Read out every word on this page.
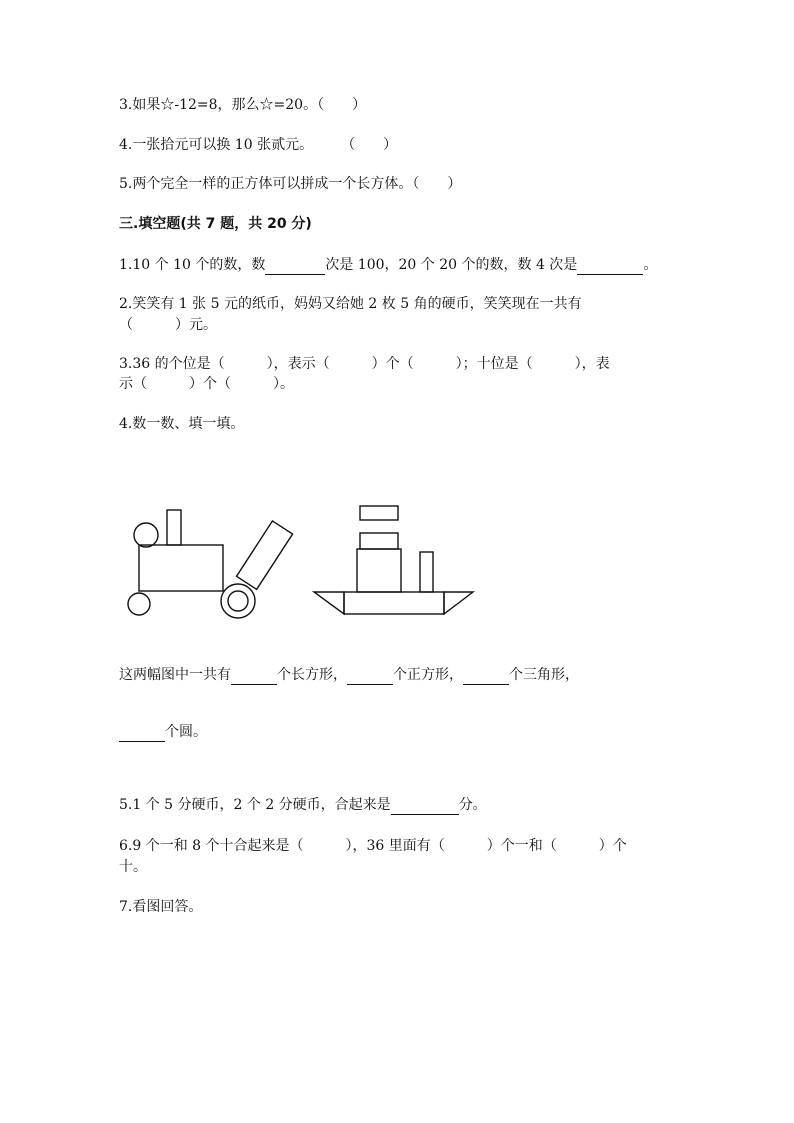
3.如果☆-12=8，那么☆=20。（　　）
4.一张拾元可以换 10 张贰元。　　　（　　）
5.两个完全一样的正方体可以拼成一个长方体。（　　）
三.填空题(共 7 题，共 20 分)
1.10 个 10 个的数，数	次是 100，20 个 20 个的数，数 4 次是	。
2.笑笑有 1 张 5 元的纸币，妈妈又给她 2 枚 5 角的硬币，笑笑现在一共有
（　　　）元。
3.36 的个位是（　　　），表示（　　　）个（　　　）；十位是（　　　），表
示（　　　）个（　　　）。
4.数一数、填一填。
这两幅图中一共有	个长方形，	个正方形，	个三角形，
个圆。
5.1 个 5 分硬币，2 个 2 分硬币，合起来是	分。
6.9 个一和 8 个十合起来是（　　　），36 里面有（　　　）个一和（　　　）个
十。
7.看图回答。
